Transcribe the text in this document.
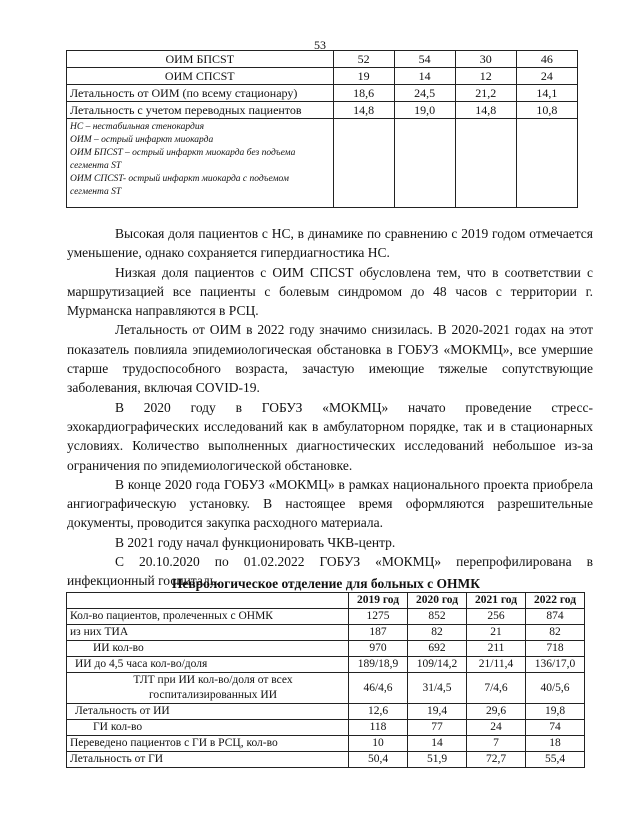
53
ОИМ БПСST	52	54	30	46
ОИМ СПСST	19	14	12	24
Летальность от ОИМ (по всему стационару)	18,6	24,5	21,2	14,1
Летальность с учетом переводных пациентов	14,8	19,0	14,8	10,8

НС – нестабильная стенокардия
ОИМ – острый инфаркт миокарда
ОИМ БПСST – острый инфаркт миокарда без подъема сегмента ST
ОИМ СПСST- острый инфаркт миокарда с подъемом сегмента ST				

Высокая доля пациентов с НС, в динамике по сравнению с 2019 годом отмечается уменьшение, однако сохраняется гипердиагностика НС.

Низкая доля пациентов с ОИМ СПСST обусловлена тем, что в соответствии с маршрутизацией все пациенты с болевым синдромом до 48 часов с территории г. Мурманска направляются в РСЦ.

Летальность от ОИМ в 2022 году значимо снизилась. В 2020-2021 годах на этот показатель повлияла эпидемиологическая обстановка в ГОБУЗ «МОКМЦ», все умершие старше трудоспособного возраста, зачастую имеющие тяжелые сопутствующие заболевания, включая COVID-19.

В 2020 году в ГОБУЗ «МОКМЦ» начато проведение стресс-эхокардиографических исследований как в амбулаторном порядке, так и в стационарных условиях. Количество выполненных диагностических исследований небольшое из-за ограничения по эпидемиологической обстановке.

В конце 2020 года ГОБУЗ «МОКМЦ» в рамках национального проекта приобрела ангиографическую установку. В настоящее время оформляются разрешительные документы, проводится закупка расходного материала.

В 2021 году начал функционировать ЧКВ-центр.

С 20.10.2020 по 01.02.2022 ГОБУЗ «МОКМЦ» перепрофилирована в инфекционный госпиталь.

Неврологическое отделение для больных с ОНМК
	2019 год	2020 год	2021 год	2022 год
Кол-во пациентов, пролеченных с ОНМК	1275	852	256	874
из них ТИА	187	82	21	82
ИИ кол-во	970	692	211	718
ИИ до 4,5 часа кол-во/доля	189/18,9	109/14,2	21/11,4	136/17,0
ТЛТ при ИИ кол-во/доля от всех госпитализированных ИИ	46/4,6	31/4,5	7/4,6	40/5,6
Летальность от ИИ	12,6	19,4	29,6	19,8
ГИ кол-во	118	77	24	74
Переведено пациентов с ГИ в РСЦ, кол-во	10	14	7	18
Летальность от ГИ	50,4	51,9	72,7	55,4
